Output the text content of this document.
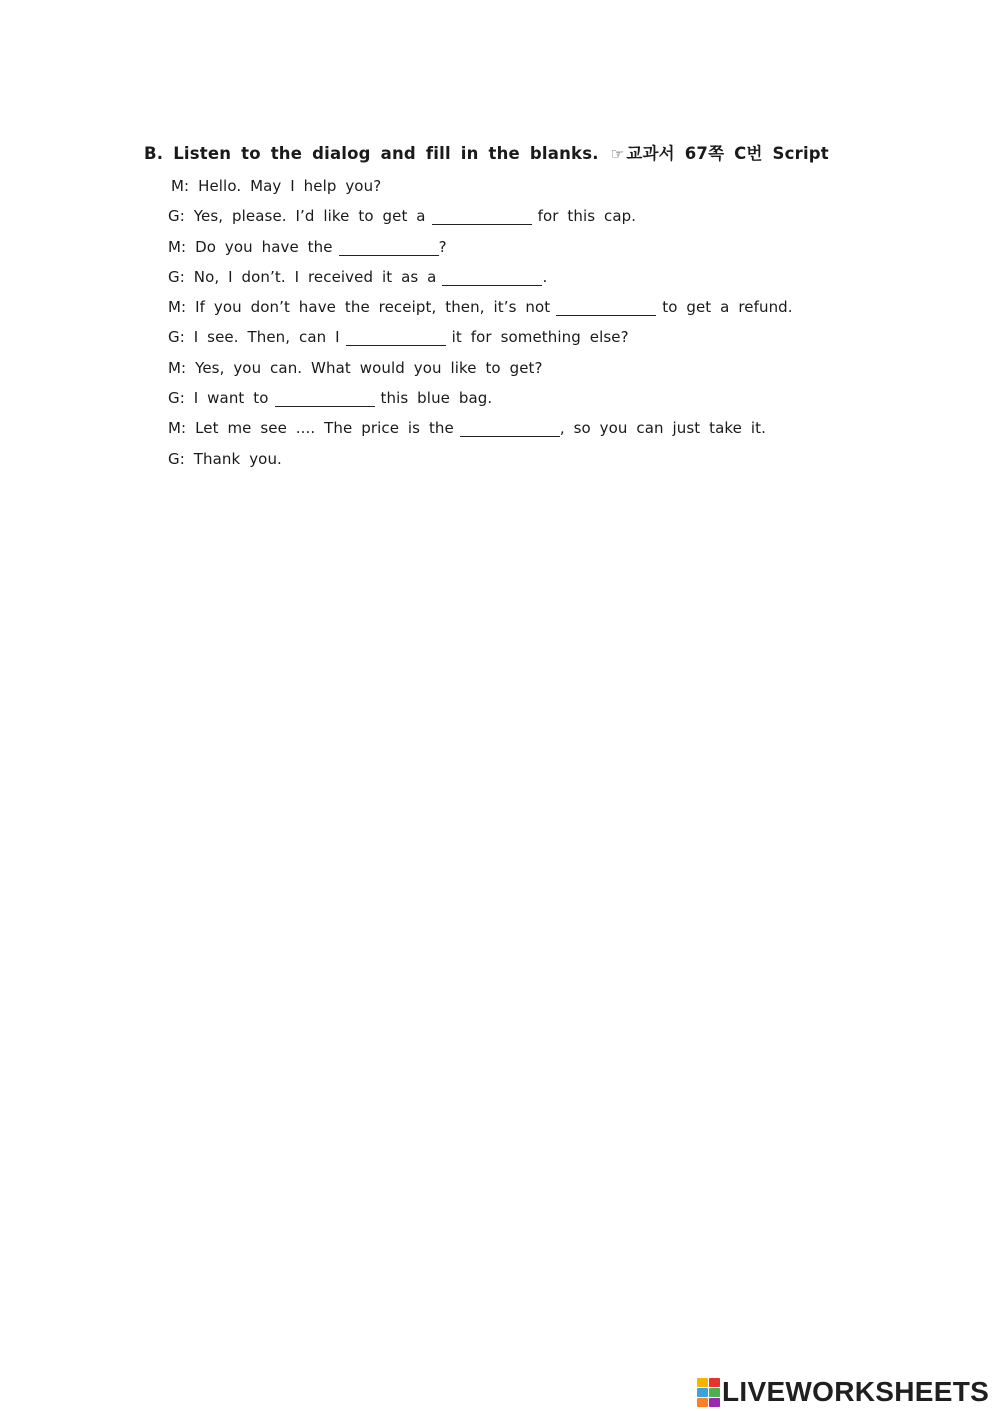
B. Listen to the dialog and fill in the blanks. ☞ 교과서 67쪽 C번 Script
M: Hello. May I help you?
G: Yes, please. I’d like to get a	for this cap.
M: Do you have the	?
G: No, I don’t. I received it as a	.
M: If you don’t have the receipt, then, it’s not	to get a refund.
G: I see. Then, can I	it for something else?
M: Yes, you can. What would you like to get?
G: I want to	this blue bag.
M: Let me see .... The price is the	, so you can just take it.
G: Thank you.
LIVEWORKSHEETS
